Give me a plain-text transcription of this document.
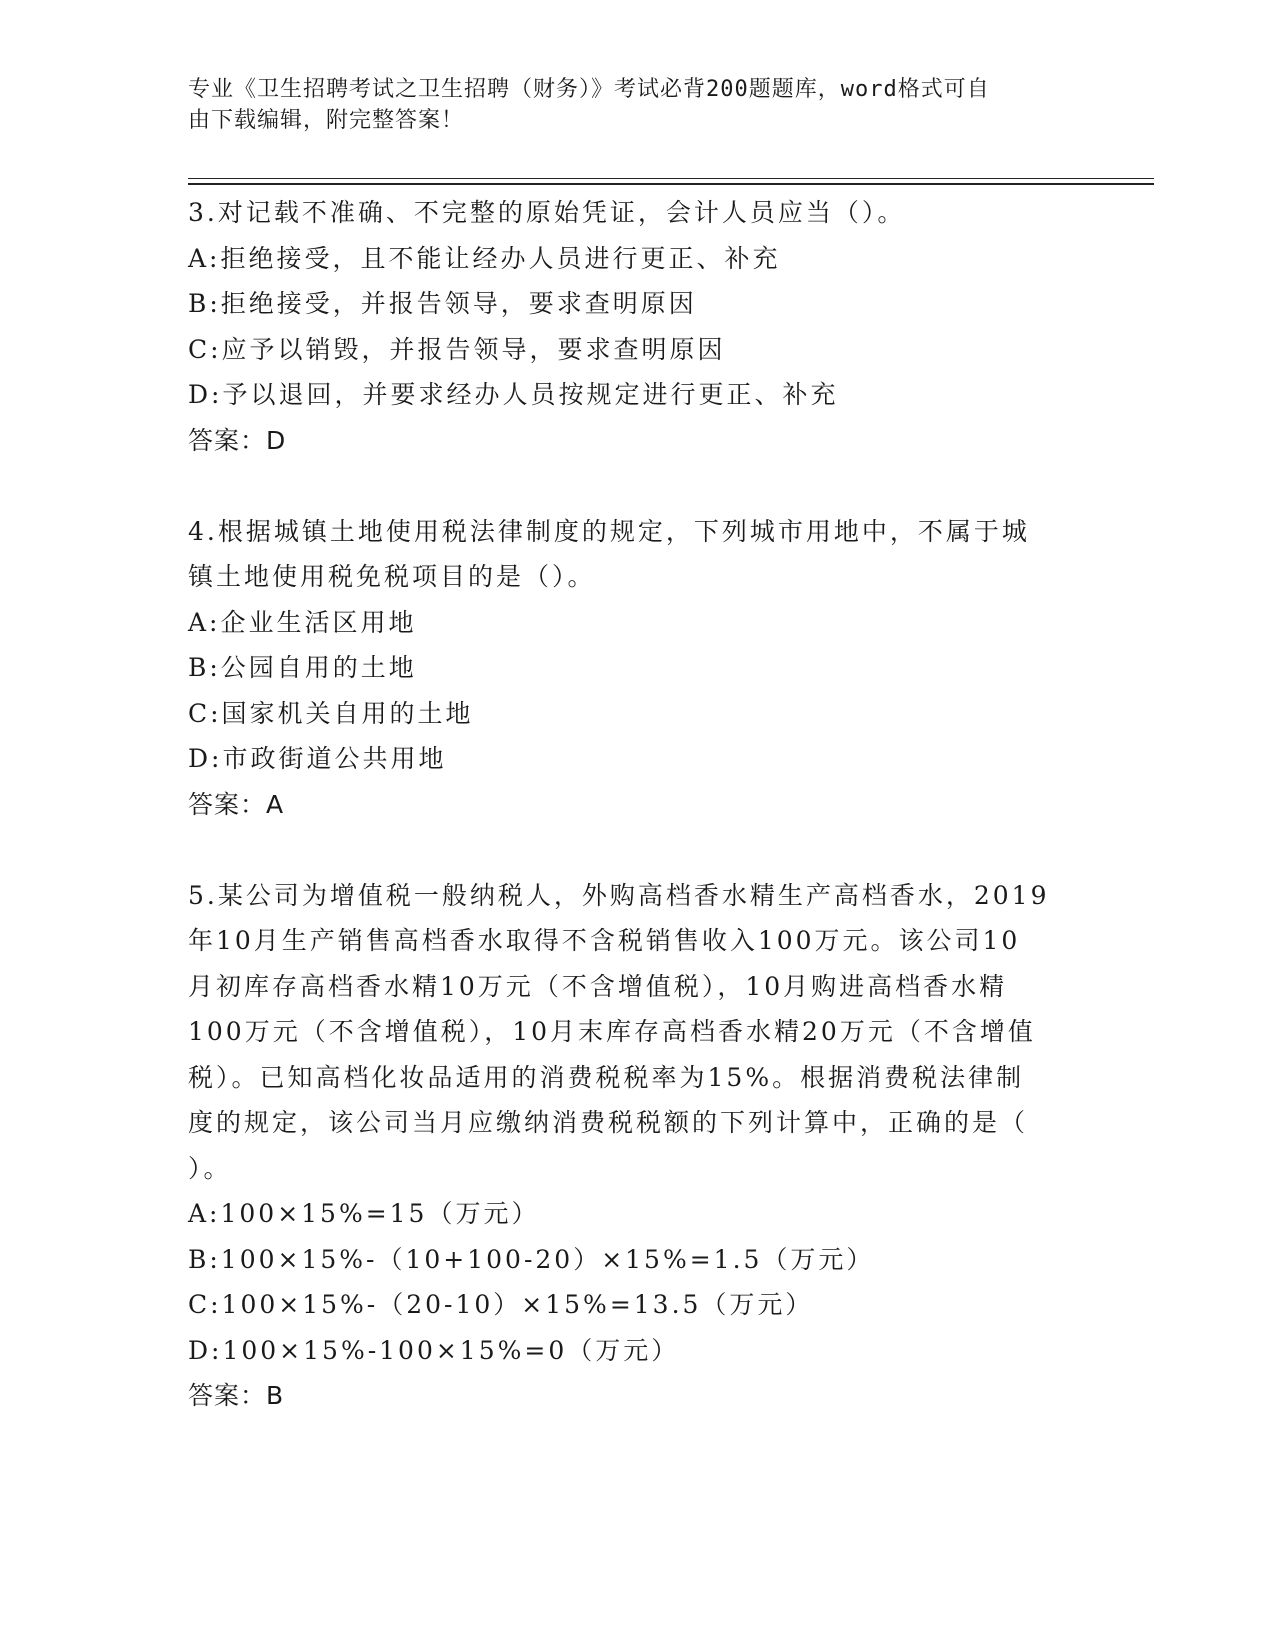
专业《卫生招聘考试之卫生招聘（财务）》考试必背200题题库，word格式可自
由下载编辑，附完整答案！
3.对记载不准确、不完整的原始凭证，会计人员应当（）。
A:拒绝接受，且不能让经办人员进行更正、补充
B:拒绝接受，并报告领导，要求查明原因
C:应予以销毁，并报告领导，要求查明原因
D:予以退回，并要求经办人员按规定进行更正、补充
答案：D
4.根据城镇土地使用税法律制度的规定，下列城市用地中，不属于城
镇土地使用税免税项目的是（）。
A:企业生活区用地
B:公园自用的土地
C:国家机关自用的土地
D:市政街道公共用地
答案：A
5.某公司为增值税一般纳税人，外购高档香水精生产高档香水，2019
年10月生产销售高档香水取得不含税销售收入100万元。该公司10
月初库存高档香水精10万元（不含增值税），10月购进高档香水精
100万元（不含增值税），10月末库存高档香水精20万元（不含增值
税）。已知高档化妆品适用的消费税税率为15%。根据消费税法律制
度的规定，该公司当月应缴纳消费税税额的下列计算中，正确的是（
）。
A:100×15%=15（万元）
B:100×15%-（10+100-20）×15%=1.5（万元）
C:100×15%-（20-10）×15%=13.5（万元）
D:100×15%-100×15%=0（万元）
答案：B
